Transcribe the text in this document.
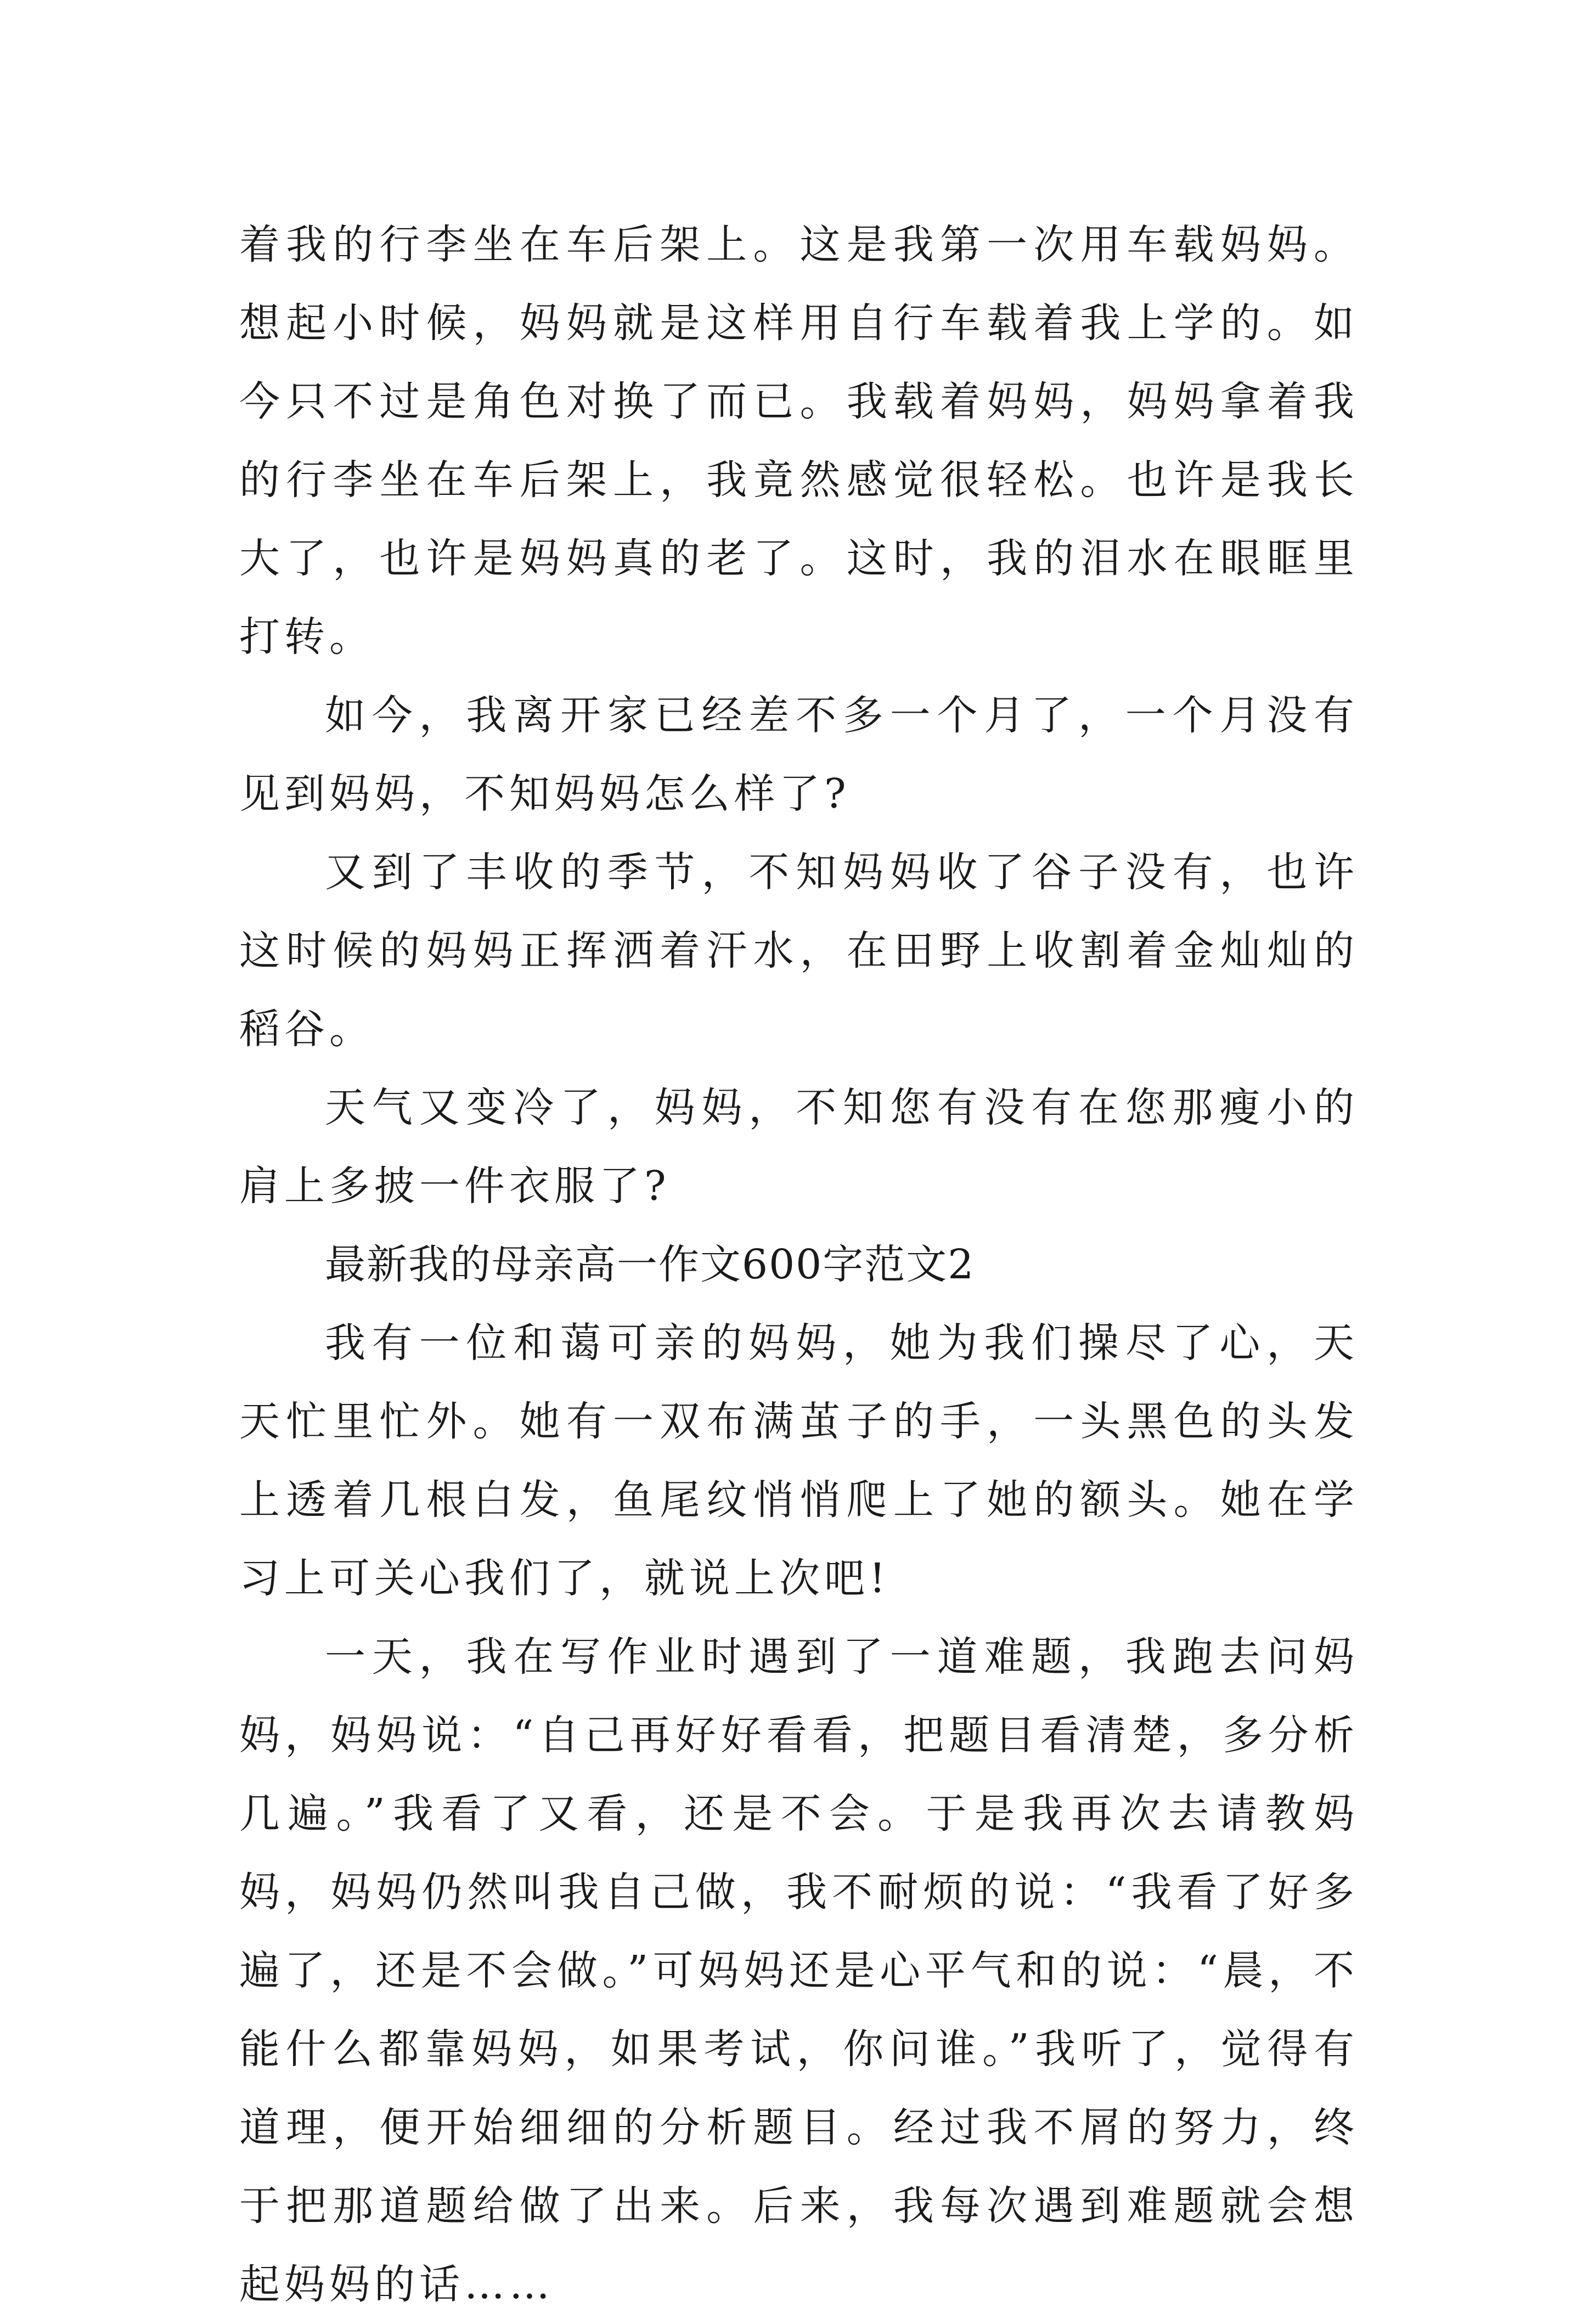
着我的行李坐在车后架上。这是我第一次用车载妈妈。想起小时候，妈妈就是这样用自行车载着我上学的。如今只不过是角色对换了而已。我载着妈妈，妈妈拿着我的行李坐在车后架上，我竟然感觉很轻松。也许是我长大了，也许是妈妈真的老了。这时，我的泪水在眼眶里打转。

如今，我离开家已经差不多一个月了，一个月没有见到妈妈，不知妈妈怎么样了?

又到了丰收的季节，不知妈妈收了谷子没有，也许这时候的妈妈正挥洒着汗水，在田野上收割着金灿灿的稻谷。

天气又变冷了，妈妈，不知您有没有在您那瘦小的肩上多披一件衣服了?

最新我的母亲高一作文600字范文2

我有一位和蔼可亲的妈妈，她为我们操尽了心，天天忙里忙外。她有一双布满茧子的手，一头黑色的头发上透着几根白发，鱼尾纹悄悄爬上了她的额头。她在学习上可关心我们了，就说上次吧!

一天，我在写作业时遇到了一道难题，我跑去问妈妈，妈妈说：“自己再好好看看，把题目看清楚，多分析几遍。”我看了又看，还是不会。于是我再次去请教妈妈，妈妈仍然叫我自己做，我不耐烦的说：“我看了好多遍了，还是不会做。”可妈妈还是心平气和的说：“晨，不能什么都靠妈妈，如果考试，你问谁。”我听了，觉得有道理，便开始细细的分析题目。经过我不屑的努力，终于把那道题给做了出来。后来，我每次遇到难题就会想起妈妈的话……
